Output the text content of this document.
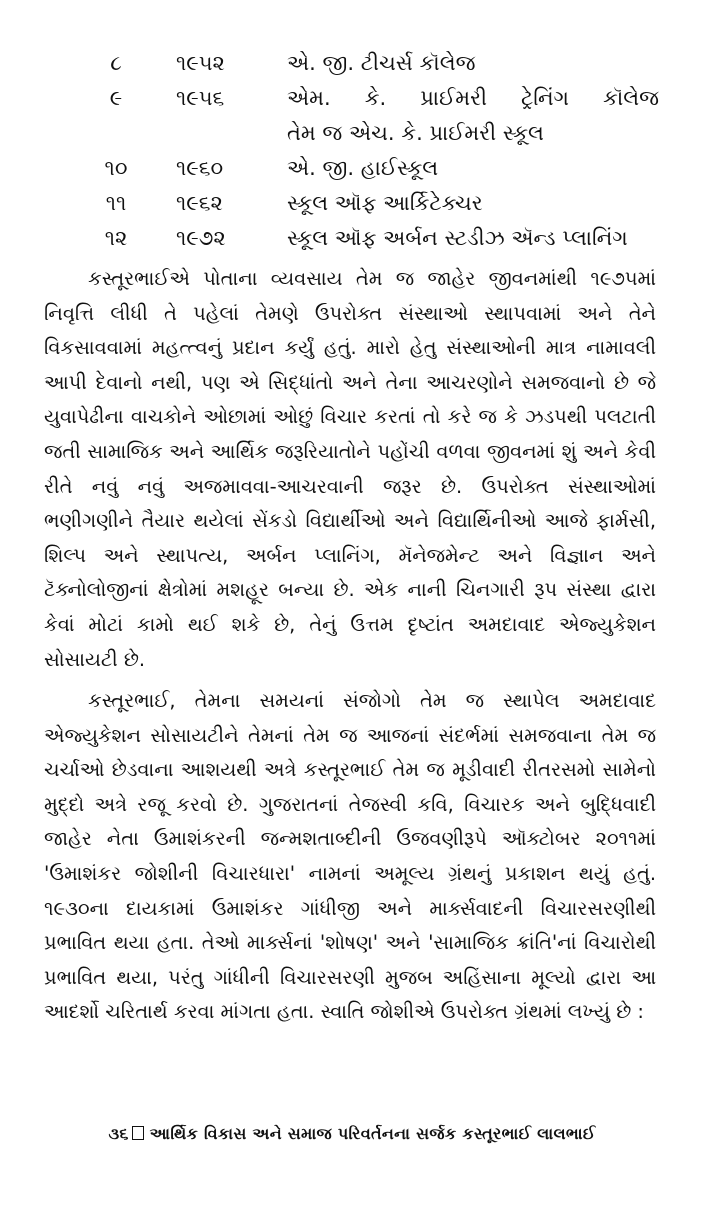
૮	૧૯૫૨	એ. જી. ટીચર્સ કૉલેજ
૯	૧૯૫૬	એમ. કે. પ્રાઈમરી ટ્રેનિંગ કૉલેજ
તેમ જ એચ. કે. પ્રાઈમરી સ્કૂલ
૧૦	૧૯૬૦	એ. જી. હાઈસ્કૂલ
૧૧	૧૯૬૨	સ્કૂલ ઑફ આર્કિટેક્ચર
૧૨	૧૯૭૨	સ્કૂલ ઑફ અર્બન સ્ટડીઝ ઍન્ડ પ્લાનિંગ

કસ્તૂરભાઈએ પોતાના વ્યવસાય તેમ જ જાહેર જીવનમાંથી ૧૯૭૫માં નિવૃત્તિ લીધી તે પહેલાં તેમણે ઉપરોક્ત સંસ્થાઓ સ્થાપવામાં અને તેને વિકસાવવામાં મહત્ત્વનું પ્રદાન કર્યું હતું. મારો હેતુ સંસ્થાઓની માત્ર નામાવલી આપી દેવાનો નથી, પણ એ સિદ્ધાંતો અને તેના આચરણોને સમજવાનો છે જે યુવાપેઢીના વાચકોને ઓછામાં ઓછું વિચાર કરતાં તો કરે જ કે ઝડપથી પલટાતી જતી સામાજિક અને આર્થિક જરૂરિયાતોને પહોંચી વળવા જીવનમાં શું અને કેવી રીતે નવું નવું અજમાવવા-આચરવાની જરૂર છે. ઉપરોક્ત સંસ્થાઓમાં ભણીગણીને તૈયાર થયેલાં સેંકડો વિદ્યાર્થીઓ અને વિદ્યાર્થિનીઓ આજે ફાર્મસી, શિલ્પ અને સ્થાપત્ય, અર્બન પ્લાનિંગ, મૅનેજમેન્ટ અને વિજ્ઞાન અને ટૅક્નોલોજીનાં ક્ષેત્રોમાં મશહૂર બન્યા છે. એક નાની ચિનગારી રૂપ સંસ્થા દ્વારા કેવાં મોટાં કામો થઈ શકે છે, તેનું ઉત્તમ દૃષ્ટાંત અમદાવાદ એજ્યુકેશન સોસાયટી છે.

કસ્તૂરભાઈ, તેમના સમયનાં સંજોગો તેમ જ સ્થાપેલ અમદાવાદ એજ્યુકેશન સોસાયટીને તેમનાં તેમ જ આજનાં સંદર્ભમાં સમજવાના તેમ જ ચર્ચાઓ છેડવાના આશયથી અત્રે કસ્તૂરભાઈ તેમ જ મૂડીવાદી રીતરસમો સામેનો મુદ્દો અત્રે રજૂ કરવો છે. ગુજરાતનાં તેજસ્વી કવિ, વિચારક અને બુદ્ધિવાદી જાહેર નેતા ઉમાશંકરની જન્મશતાબ્દીની ઉજવણીરૂપે ઑક્ટોબર ૨૦૧૧માં 'ઉમાશંકર જોશીની વિચારધારા' નામનાં અમૂલ્ય ગ્રંથનું પ્રકાશન થયું હતું. ૧૯૩૦ના દાયકામાં ઉમાશંકર ગાંધીજી અને માર્ક્સવાદની વિચારસરણીથી પ્રભાવિત થયા હતા. તેઓ માર્ક્સનાં 'શોષણ' અને 'સામાજિક ક્રાંતિ'નાં વિચારોથી પ્રભાવિત થયા, પરંતુ ગાંધીની વિચારસરણી મુજબ અહિંસાના મૂલ્યો દ્વારા આ આદર્શો ચરિતાર્થ કરવા માંગતા હતા. સ્વાતિ જોશીએ ઉપરોક્ત ગ્રંથમાં લખ્યું છે :

૩૬ આર્થિક વિકાસ અને સમાજ પરિવર્તનના સર્જક કસ્તૂરભાઈ લાલભાઈ
